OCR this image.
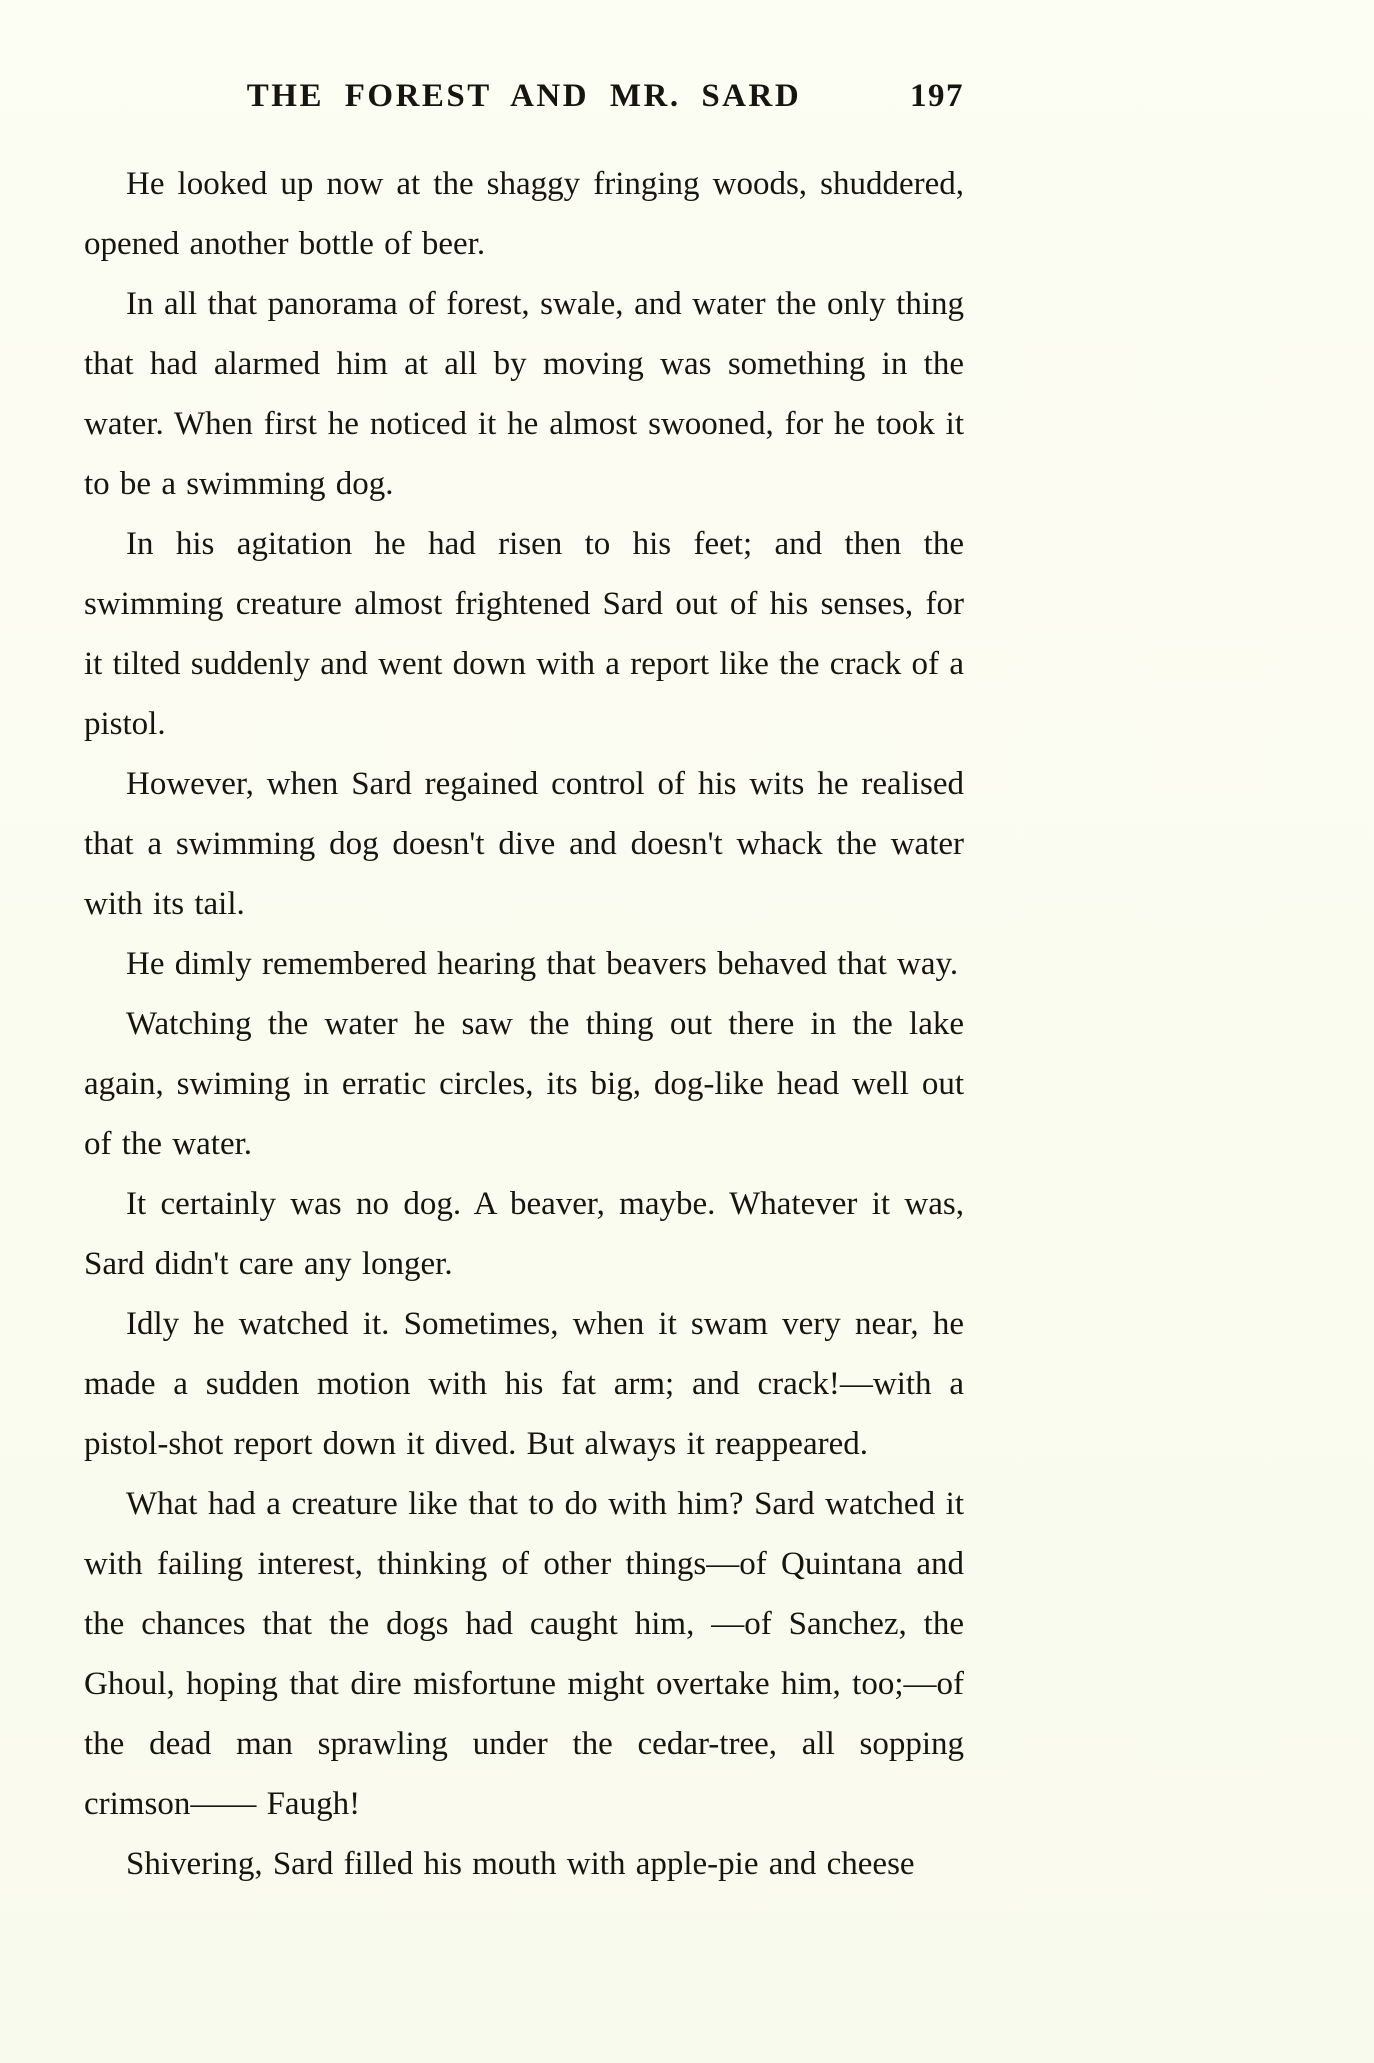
THE FOREST AND MR. SARD	197

He looked up now at the shaggy fringing woods, shuddered, opened another bottle of beer.

In all that panorama of forest, swale, and water the only thing that had alarmed him at all by moving was something in the water. When first he noticed it he almost swooned, for he took it to be a swimming dog.

In his agitation he had risen to his feet; and then the swimming creature almost frightened Sard out of his senses, for it tilted suddenly and went down with a report like the crack of a pistol.

However, when Sard regained control of his wits he realised that a swimming dog doesn't dive and doesn't whack the water with its tail.

He dimly remembered hearing that beavers behaved that way.

Watching the water he saw the thing out there in the lake again, swiming in erratic circles, its big, dog-like head well out of the water.

It certainly was no dog. A beaver, maybe. Whatever it was, Sard didn't care any longer.

Idly he watched it. Sometimes, when it swam very near, he made a sudden motion with his fat arm; and crack!—with a pistol-shot report down it dived. But always it reappeared.

What had a creature like that to do with him? Sard watched it with failing interest, thinking of other things—of Quintana and the chances that the dogs had caught him, —of Sanchez, the Ghoul, hoping that dire misfortune might overtake him, too;—of the dead man sprawling under the cedar-tree, all sopping crimson—— Faugh!

Shivering, Sard filled his mouth with apple-pie and cheese
